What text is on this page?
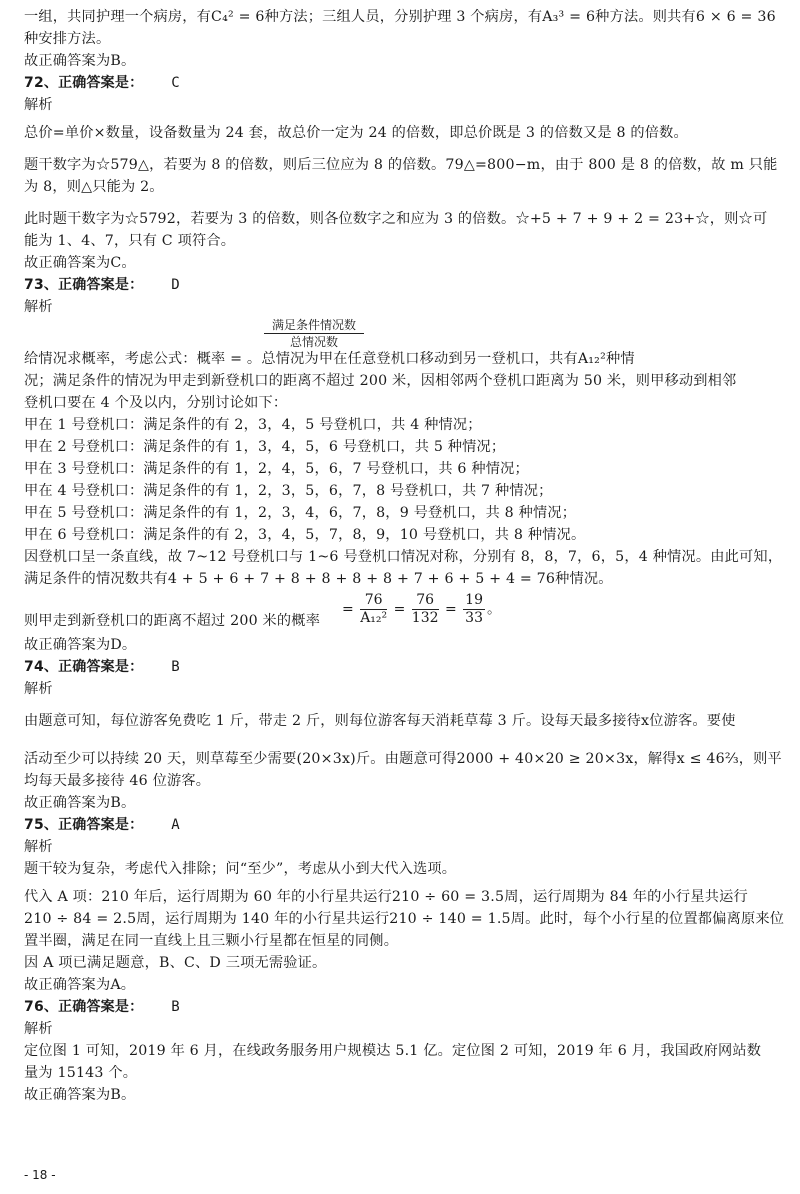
一组，共同护理一个病房，有C₄² = 6种方法；三组人员，分别护理 3 个病房，有A₃³ = 6种方法。则共有6 × 6 = 36
种安排方法。
故正确答案为B。
72、正确答案是： C
解析
总价=单价×数量，设备数量为 24 套，故总价一定为 24 的倍数，即总价既是 3 的倍数又是 8 的倍数。
题干数字为☆579△，若要为 8 的倍数，则后三位应为 8 的倍数。79△=800−m，由于 800 是 8 的倍数，故 m 只能
为 8，则△只能为 2。
此时题干数字为☆5792，若要为 3 的倍数，则各位数字之和应为 3 的倍数。☆+5 + 7 + 9 + 2 = 23+☆，则☆可
能为 1、4、7，只有 C 项符合。
故正确答案为C。
73、正确答案是： D
解析
满足条件情况数
总情况数
给情况求概率，考虑公式：概率 = 。总情况为甲在任意登机口移动到另一登机口，共有A₁₂²种情
况；满足条件的情况为甲走到新登机口的距离不超过 200 米，因相邻两个登机口距离为 50 米，则甲移动到相邻
登机口要在 4 个及以内，分别讨论如下：
甲在 1 号登机口：满足条件的有 2，3，4，5 号登机口，共 4 种情况；
甲在 2 号登机口：满足条件的有 1，3，4，5，6 号登机口，共 5 种情况；
甲在 3 号登机口：满足条件的有 1，2，4，5，6，7 号登机口，共 6 种情况；
甲在 4 号登机口：满足条件的有 1，2，3，5，6，7，8 号登机口，共 7 种情况；
甲在 5 号登机口：满足条件的有 1，2，3，4，6，7，8，9 号登机口，共 8 种情况；
甲在 6 号登机口：满足条件的有 2，3，4，5，7，8，9，10 号登机口，共 8 种情况。
因登机口呈一条直线，故 7~12 号登机口与 1~6 号登机口情况对称，分别有 8，8，7，6，5，4 种情况。由此可知，
满足条件的情况数共有4 + 5 + 6 + 7 + 8 + 8 + 8 + 8 + 7 + 6 + 5 + 4 = 76种情况。
则甲走到新登机口的距离不超过 200 米的概率
= $\frac{76}{\text{A₁₂²}} = \frac{76}{132} = \frac{19}{33}$ 。
故正确答案为D。
74、正确答案是： B
解析
由题意可知，每位游客免费吃 1 斤，带走 2 斤，则每位游客每天消耗草莓 3 斤。设每天最多接待x位游客。要使
活动至少可以持续 20 天，则草莓至少需要(20×3x)斤。由题意可得2000 + 40×20 ≥ 20×3x，解得x ≤ 46⅔，则平
均每天最多接待 46 位游客。
故正确答案为B。
75、正确答案是： A
解析
题干较为复杂，考虑代入排除；问“至少”，考虑从小到大代入选项。
代入 A 项：210 年后，运行周期为 60 年的小行星共运行210 ÷ 60 = 3.5周，运行周期为 84 年的小行星共运行
210 ÷ 84 = 2.5周，运行周期为 140 年的小行星共运行210 ÷ 140 = 1.5周。此时，每个小行星的位置都偏离原来位
置半圈，满足在同一直线上且三颗小行星都在恒星的同侧。
因 A 项已满足题意，B、C、D 三项无需验证。
故正确答案为A。
76、正确答案是： B
解析
定位图 1 可知，2019 年 6 月，在线政务服务用户规模达 5.1 亿。定位图 2 可知，2019 年 6 月，我国政府网站数
量为 15143 个。
故正确答案为B。
- 18 -
